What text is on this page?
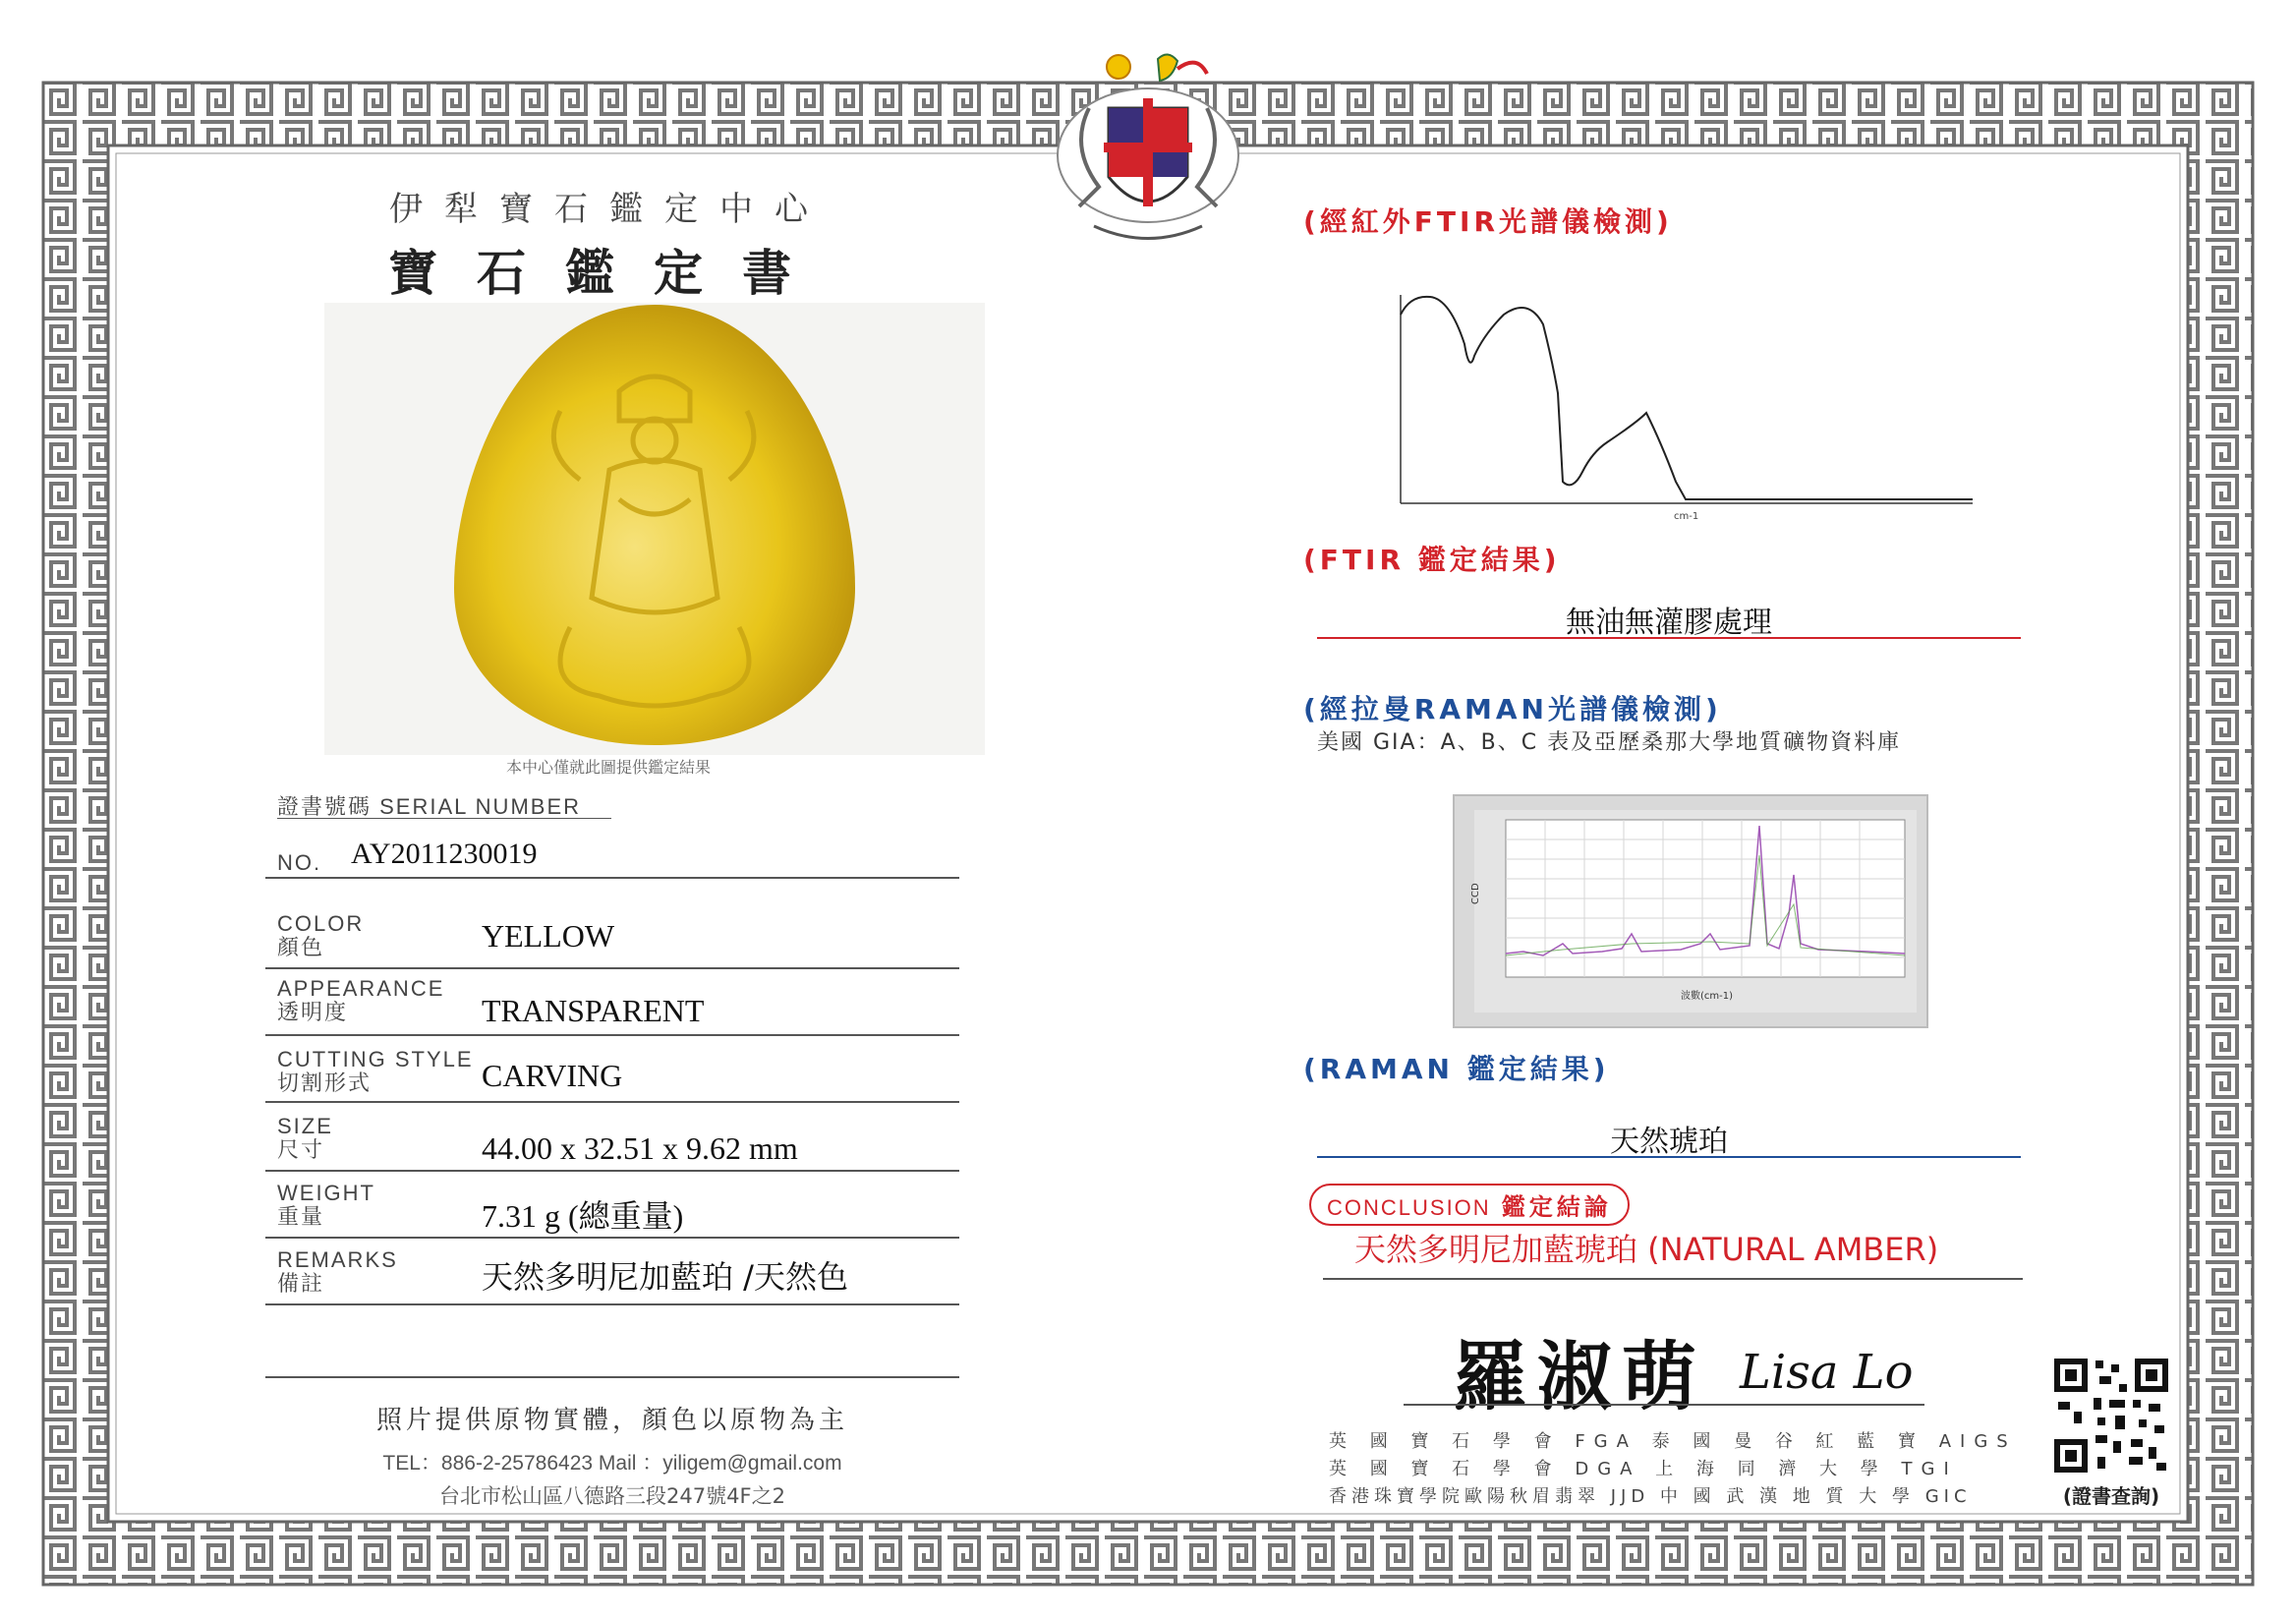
伊犁寶石鑑定中心
寶石鑑定書
本中心僅就此圖提供鑑定結果
證書號碼 SERIAL NUMBER
NO. AY2011230019
COLOR
顏色	YELLOW
APPEARANCE
透明度	TRANSPARENT
CUTTING STYLE
切割形式	CARVING
SIZE
尺寸	44.00 x 32.51 x 9.62 mm
WEIGHT
重量	7.31 g (總重量)
REMARKS
備註	天然多明尼加藍珀 /天然色
照片提供原物實體，顏色以原物為主
TEL：886-2-25786423 Mail ：yiligem@gmail.com
台北市松山區八德路三段247號4F之2
(經紅外FTIR光譜儀檢測)
cm-1
(FTIR 鑑定結果)
無油無灌膠處理
(經拉曼RAMAN光譜儀檢測)
美國 GIA：A、B、C 表及亞歷桑那大學地質礦物資料庫
CCD
波數(cm-1)
(RAMAN 鑑定結果)
天然琥珀
CONCLUSION 鑑定結論
天然多明尼加藍琥珀 (NATURAL AMBER)
羅淑萌 Lisa Lo
英 國 寶 石 學 會 FGA 泰 國 曼 谷 紅 藍 寶 AIGS
英 國 寶 石 學 會 DGA 上 海 同 濟 大 學 TGI
香港珠寶學院歐陽秋眉翡翠 JJD 中 國 武 漢 地 質 大 學 GIC	(證書查詢)
